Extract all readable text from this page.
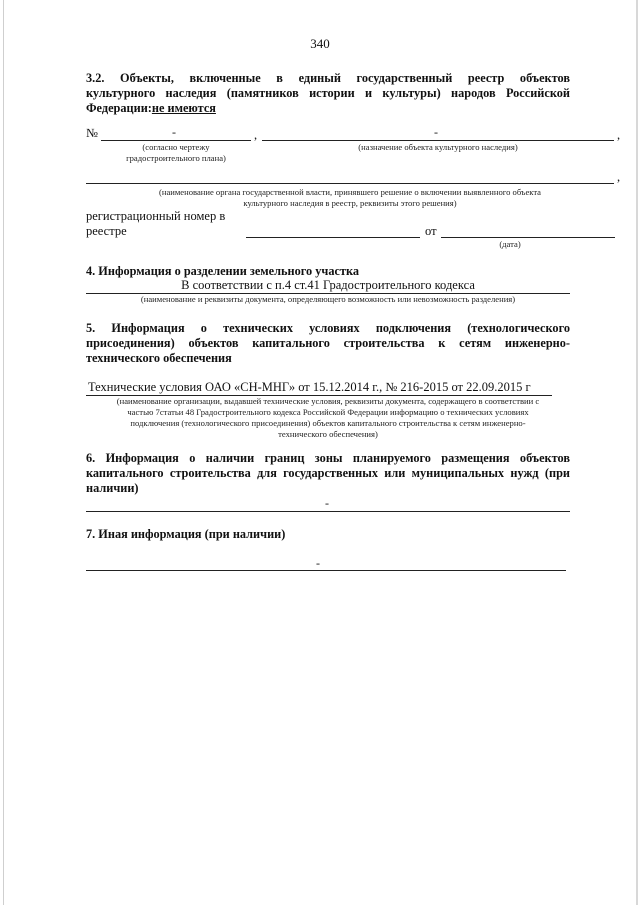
340
3.2. Объекты, включенные в единый государственный реестр объектов
культурного наследия (памятников истории и культуры) народов Российской
Федерации:не имеются
№	-	,	-	,
(согласно чертежу
градостроительного плана)
(назначение объекта культурного наследия)
,
(наименование органа государственной власти, принявшего решение о включении выявленного объекта
культурного наследия в реестр, реквизиты этого решения)
регистрационный номер в
реестре	от
(дата)
4. Информация о разделении земельного участка
В соответствии с п.4 ст.41 Градостроительного кодекса
(наименование и реквизиты документа, определяющего возможность или невозможность разделения)
5. Информация о технических условиях подключения (технологического
присоединения) объектов капитального строительства к сетям инженерно-
технического обеспечения
Технические условия ОАО «СН-МНГ» от 15.12.2014 г., № 216-2015 от 22.09.2015 г
(наименование организации, выдавшей технические условия, реквизиты документа, содержащего в соответствии с
частью 7статьи 48 Градостроительного кодекса Российской Федерации информацию о технических условиях
подключения (технологического присоединения) объектов капитального строительства к сетям инженерно-
технического обеспечения)
6. Информация о наличии границ зоны планируемого размещения объектов
капитального строительства для государственных или муниципальных нужд (при
наличии)
-
7. Иная информация (при наличии)
-
